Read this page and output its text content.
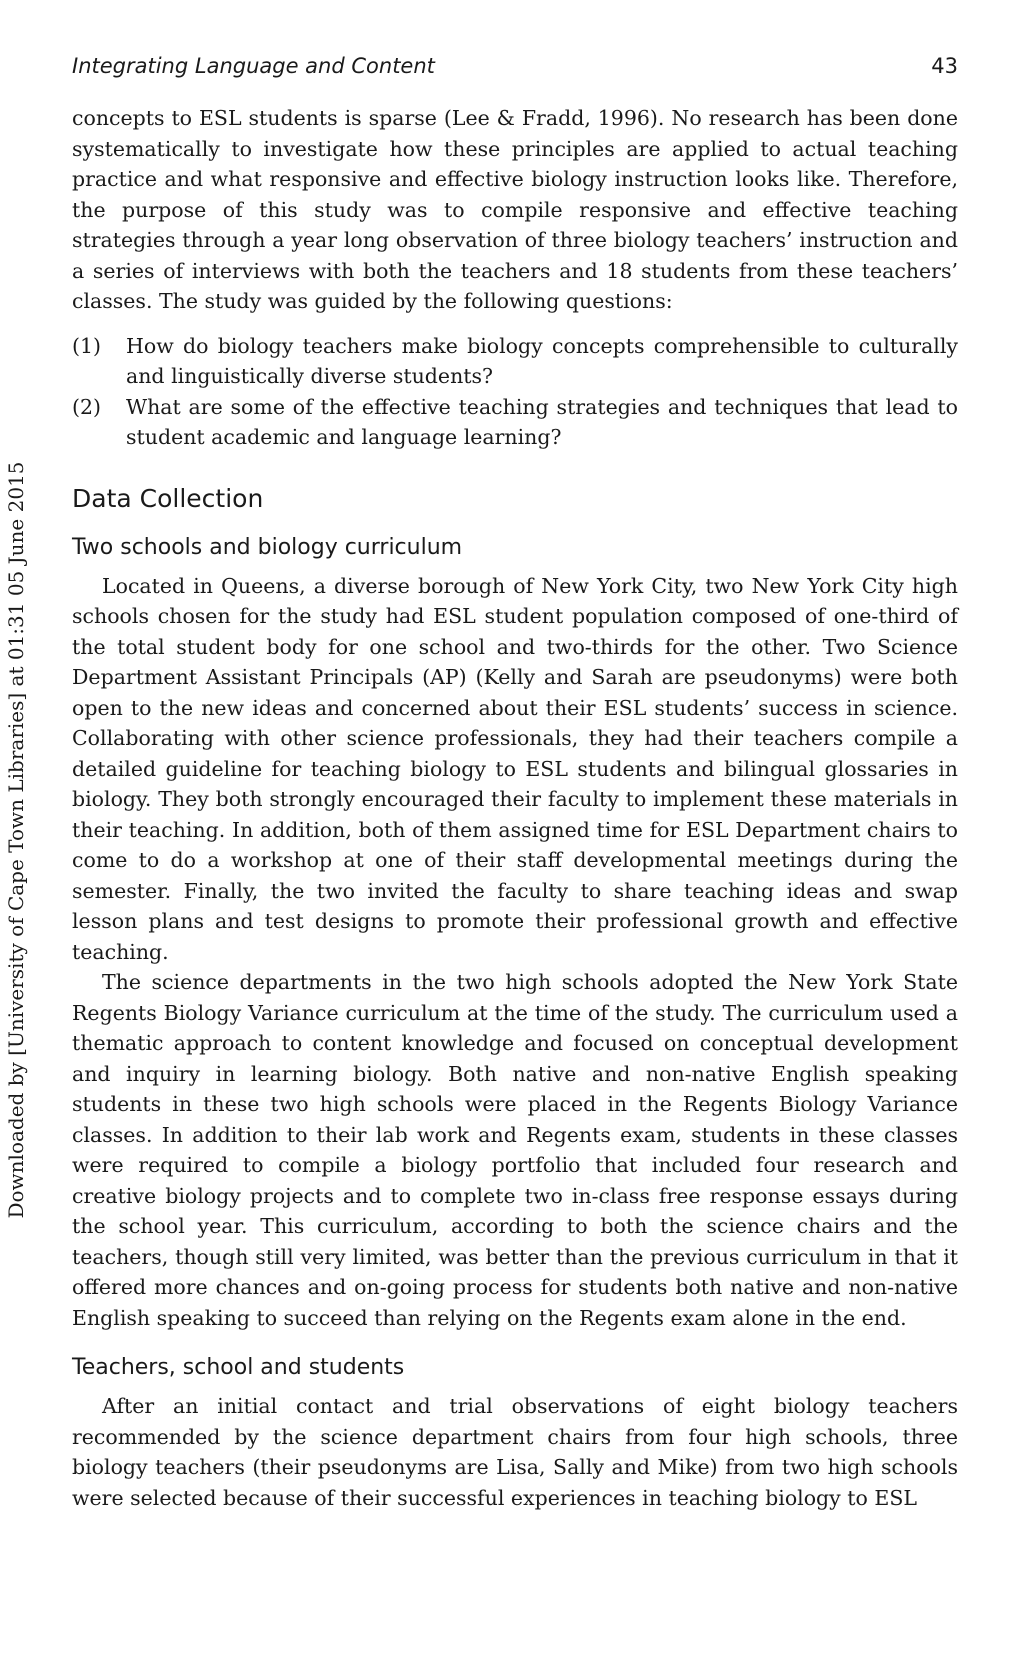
Integrating Language and Content	43
Downloaded by [University of Cape Town Libraries] at 01:31 05 June 2015

concepts to ESL students is sparse (Lee & Fradd, 1996). No research has been done systematically to investigate how these principles are applied to actual teaching practice and what responsive and effective biology instruction looks like. Therefore, the purpose of this study was to compile responsive and effective teaching strategies through a year long observation of three biology teachers’ instruction and a series of interviews with both the teachers and 18 students from these teachers’ classes. The study was guided by the following questions:

(1) How do biology teachers make biology concepts comprehensible to culturally and linguistically diverse students?
(2) What are some of the effective teaching strategies and techniques that lead to student academic and language learning?
Data Collection
Two schools and biology curriculum

Located in Queens, a diverse borough of New York City, two New York City high schools chosen for the study had ESL student population composed of one-third of the total student body for one school and two-thirds for the other. Two Science Department Assistant Principals (AP) (Kelly and Sarah are pseudonyms) were both open to the new ideas and concerned about their ESL students’ success in science. Collaborating with other science professionals, they had their teachers compile a detailed guideline for teaching biology to ESL students and bilingual glossaries in biology. They both strongly encouraged their faculty to implement these materials in their teaching. In addition, both of them assigned time for ESL Department chairs to come to do a workshop at one of their staff developmental meetings during the semester. Finally, the two invited the faculty to share teaching ideas and swap lesson plans and test designs to promote their professional growth and effective teaching.

The science departments in the two high schools adopted the New York State Regents Biology Variance curriculum at the time of the study. The curriculum used a thematic approach to content knowledge and focused on conceptual development and inquiry in learning biology. Both native and non-native English speaking students in these two high schools were placed in the Regents Biology Variance classes. In addition to their lab work and Regents exam, students in these classes were required to compile a biology portfolio that included four research and creative biology projects and to complete two in-class free response essays during the school year. This curriculum, according to both the science chairs and the teachers, though still very limited, was better than the previous curriculum in that it offered more chances and on-going process for students both native and non-native English speaking to succeed than relying on the Regents exam alone in the end.

Teachers, school and students

After an initial contact and trial observations of eight biology teachers recommended by the science department chairs from four high schools, three biology teachers (their pseudonyms are Lisa, Sally and Mike) from two high schools were selected because of their successful experiences in teaching biology to ESL
